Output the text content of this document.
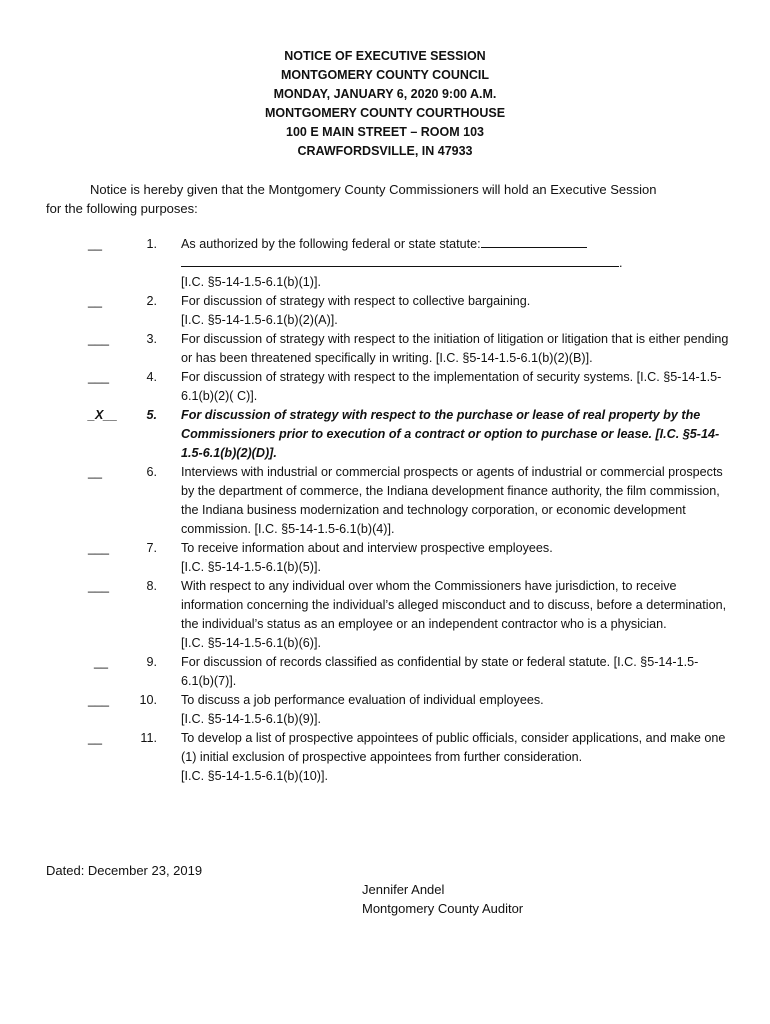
NOTICE OF EXECUTIVE SESSION
MONTGOMERY COUNTY COUNCIL
MONDAY, JANUARY 6, 2020 9:00 A.M.
MONTGOMERY COUNTY COURTHOUSE
100 E MAIN STREET – ROOM 103
CRAWFORDSVILLE, IN 47933
Notice is hereby given that the Montgomery County Commissioners will hold an Executive Session
for the following purposes:
__	1. As authorized by the following federal or state statute:
.
[I.C. §5-14-1.5-6.1(b)(1)].
__	2. For discussion of strategy with respect to collective bargaining.
[I.C. §5-14-1.5-6.1(b)(2)(A)].
___	3. For discussion of strategy with respect to the initiation of litigation or litigation that is either pending or has been threatened specifically in writing. [I.C. §5-14-1.5-6.1(b)(2)(B)].
___	4. For discussion of strategy with respect to the implementation of security systems. [I.C. §5-14-1.5-6.1(b)(2)( C)].
_X__	5. For discussion of strategy with respect to the purchase or lease of real property by the Commissioners prior to execution of a contract or option to purchase or lease. [I.C. §5-14-1.5-6.1(b)(2)(D)].
__	6. Interviews with industrial or commercial prospects or agents of industrial or commercial prospects by the department of commerce, the Indiana development finance authority, the film commission, the Indiana business modernization and technology corporation, or economic development commission. [I.C. §5-14-1.5-6.1(b)(4)].
___	7. To receive information about and interview prospective employees.
[I.C. §5-14-1.5-6.1(b)(5)].
___	8. With respect to any individual over whom the Commissioners have jurisdiction, to receive information concerning the individual’s alleged misconduct and to discuss, before a determination, the individual’s status as an employee or an independent contractor who is a physician.
[I.C. §5-14-1.5-6.1(b)(6)].
__	9. For discussion of records classified as confidential by state or federal statute. [I.C. §5-14-1.5-6.1(b)(7)].
___	10. To discuss a job performance evaluation of individual employees.
[I.C. §5-14-1.5-6.1(b)(9)].
__	11. To develop a list of prospective appointees of public officials, consider applications, and make one (1) initial exclusion of prospective appointees from further consideration.
[I.C. §5-14-1.5-6.1(b)(10)].
Dated: December 23, 2019
Jennifer Andel
Montgomery County Auditor
